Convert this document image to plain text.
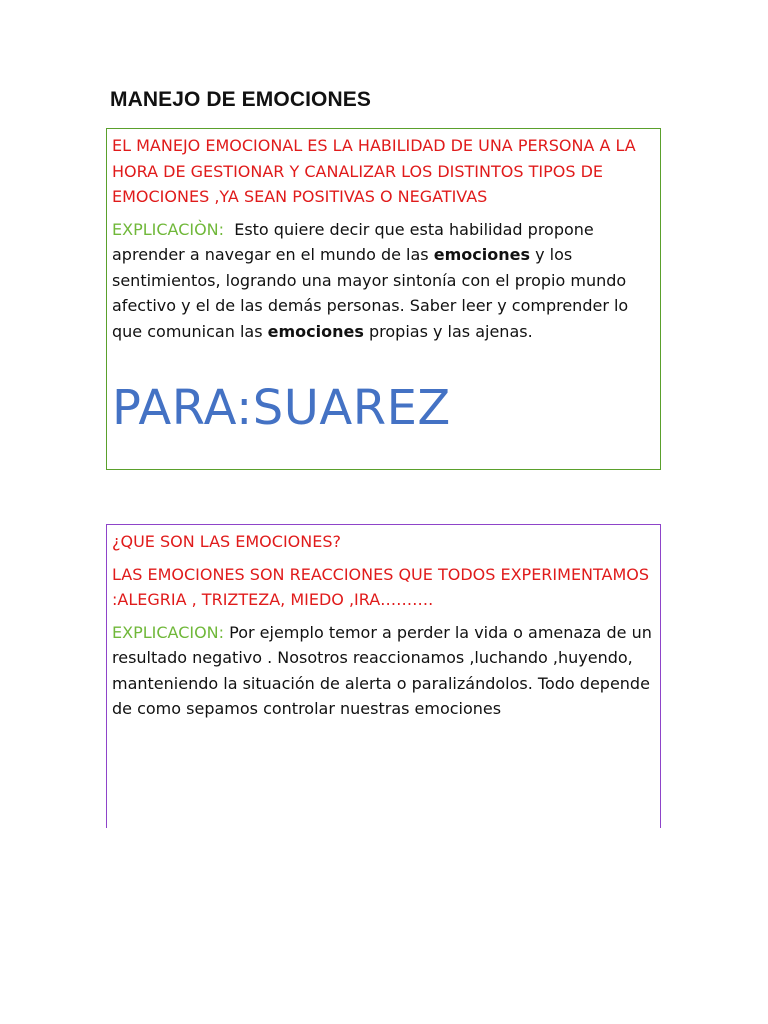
MANEJO DE EMOCIONES

EL MANEJO EMOCIONAL ES LA HABILIDAD DE UNA PERSONA A LA HORA DE GESTIONAR Y CANALIZAR LOS DISTINTOS TIPOS DE EMOCIONES ,YA SEAN POSITIVAS O NEGATIVAS

EXPLICACIÒN: Esto quiere decir que esta habilidad propone aprender a navegar en el mundo de las emociones y los sentimientos, logrando una mayor sintonía con el propio mundo afectivo y el de las demás personas. Saber leer y comprender lo que comunican las emociones propias y las ajenas.

PARA:SUAREZ

¿QUE SON LAS EMOCIONES?

LAS EMOCIONES SON REACCIONES QUE TODOS EXPERIMENTAMOS :ALEGRIA , TRIZTEZA, MIEDO ,IRA……….

EXPLICACION: Por ejemplo temor a perder la vida o amenaza de un resultado negativo . Nosotros reaccionamos ,luchando ,huyendo, manteniendo la situación de alerta o paralizándolos. Todo depende de como sepamos controlar nuestras emociones
